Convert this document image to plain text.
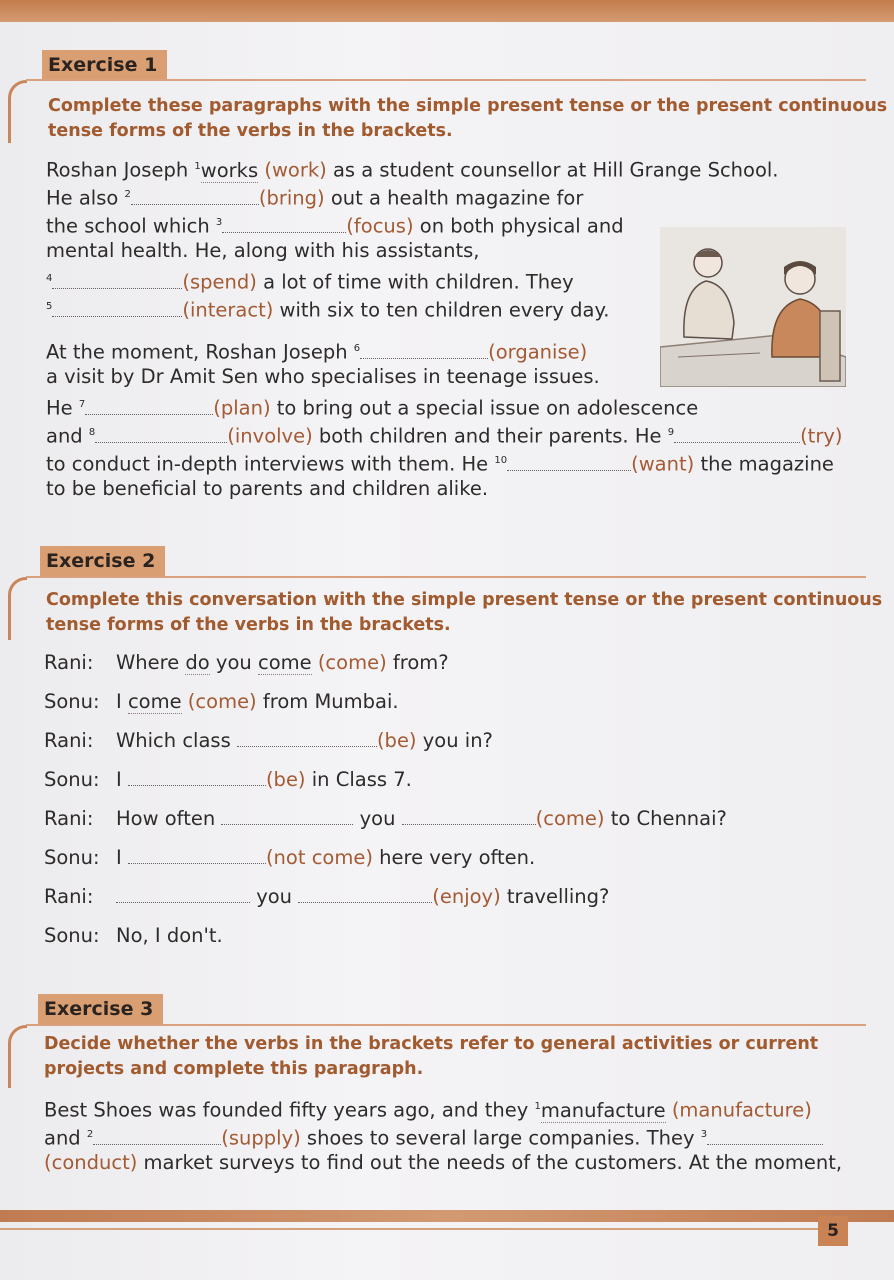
Exercise 1
Complete these paragraphs with the simple present tense or the present continuous
tense forms of the verbs in the brackets.
Roshan Joseph $^1$works (work) as a student counsellor at Hill Grange School.
He also $^2$	(bring) out a health magazine for
the school which $^3$	(focus) on both physical and
mental health. He, along with his assistants,
$^4$	(spend) a lot of time with children. They
$^5$	(interact) with six to ten children every day.
At the moment, Roshan Joseph $^6$	(organise)
a visit by Dr Amit Sen who specialises in teenage issues.
He $^7$	(plan) to bring out a special issue on adolescence
and $^8$	(involve) both children and their parents. He $^9$	(try)
to conduct in-depth interviews with them. He $^{10}$	(want) the magazine
to be beneficial to parents and children alike.
Exercise 2
Complete this conversation with the simple present tense or the present continuous
tense forms of the verbs in the brackets.
Rani: Where do you come (come) from?
Sonu: I come (come) from Mumbai.
Rani: Which class	(be) you in?
Sonu: I	(be) in Class 7.
Rani: How often	you	(come) to Chennai?
Sonu: I	(not come) here very often.
Rani:	you	(enjoy) travelling?
Sonu: No, I don't.
Exercise 3
Decide whether the verbs in the brackets refer to general activities or current
projects and complete this paragraph.
Best Shoes was founded fifty years ago, and they $^1$manufacture (manufacture)
and $^2$	(supply) shoes to several large companies. They $^3$
(conduct) market surveys to find out the needs of the customers. At the moment,
5
